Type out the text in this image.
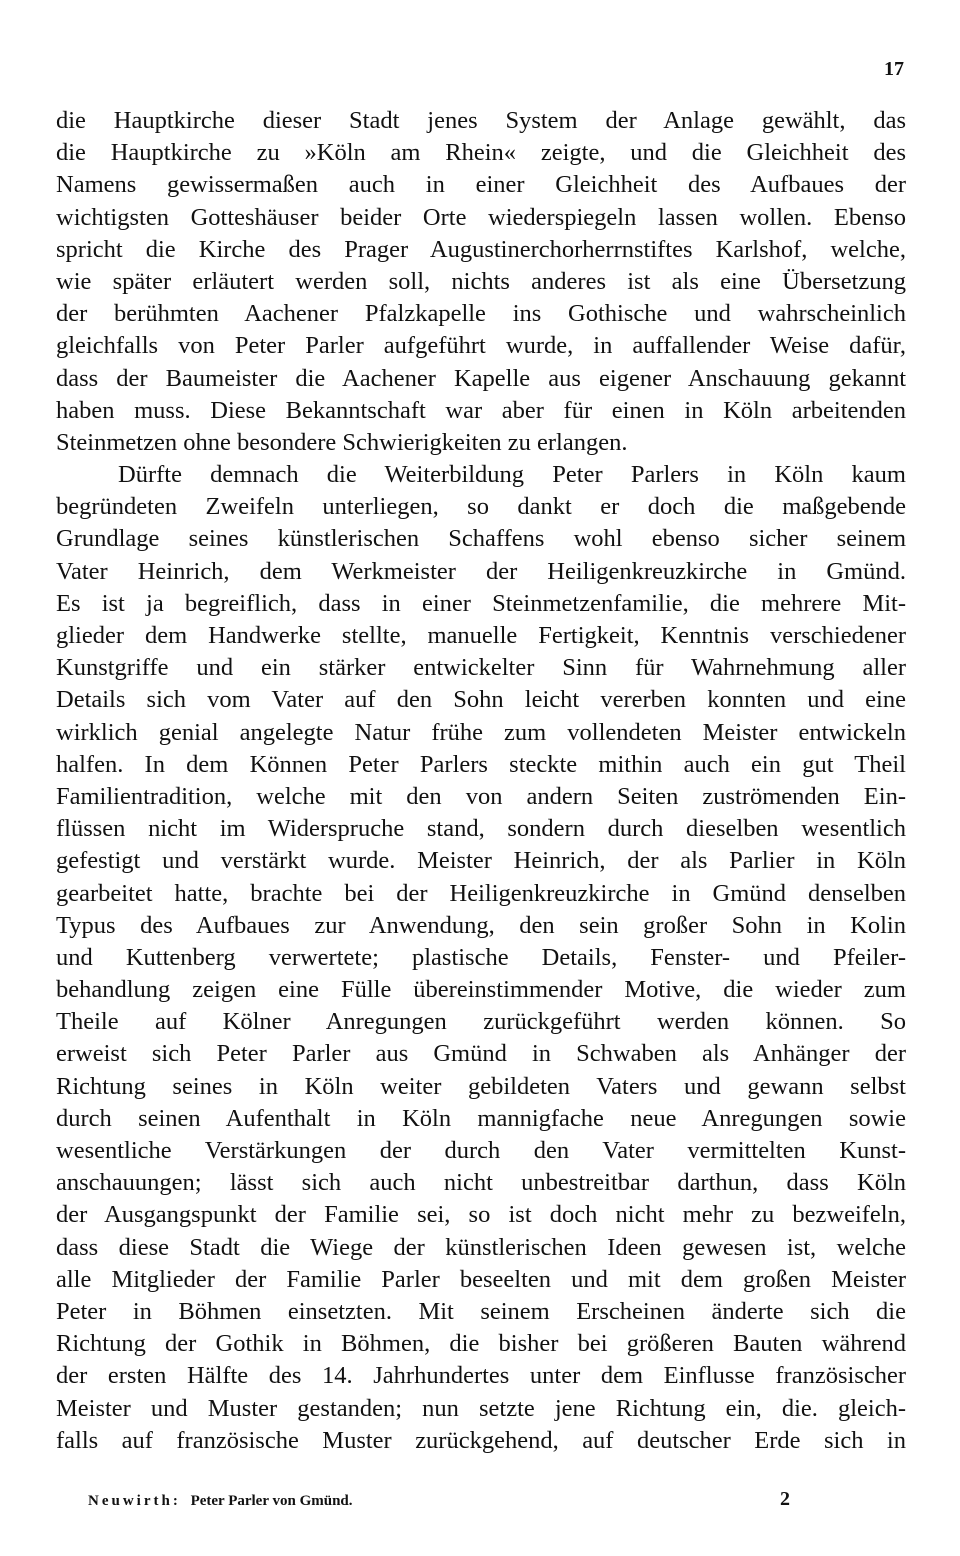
17
die Hauptkirche dieser Stadt jenes System der Anlage gewählt, das
die Hauptkirche zu »Köln am Rhein« zeigte, und die Gleichheit des
Namens gewissermaßen auch in einer Gleichheit des Aufbaues der
wichtigsten Gotteshäuser beider Orte wiederspiegeln lassen wollen. Ebenso
spricht die Kirche des Prager Augustinerchorherrnstiftes Karlshof, welche,
wie später erläutert werden soll, nichts anderes ist als eine Übersetzung
der berühmten Aachener Pfalzkapelle ins Gothische und wahrscheinlich
gleichfalls von Peter Parler aufgeführt wurde, in auffallender Weise dafür,
dass der Baumeister die Aachener Kapelle aus eigener Anschauung gekannt
haben muss. Diese Bekanntschaft war aber für einen in Köln arbeitenden
Steinmetzen ohne besondere Schwierigkeiten zu erlangen.
Dürfte demnach die Weiterbildung Peter Parlers in Köln kaum
begründeten Zweifeln unterliegen, so dankt er doch die maßgebende
Grundlage seines künstlerischen Schaffens wohl ebenso sicher seinem
Vater Heinrich, dem Werkmeister der Heiligenkreuzkirche in Gmünd.
Es ist ja begreiflich, dass in einer Steinmetzenfamilie, die mehrere Mit-
glieder dem Handwerke stellte, manuelle Fertigkeit, Kenntnis verschiedener
Kunstgriffe und ein stärker entwickelter Sinn für Wahrnehmung aller
Details sich vom Vater auf den Sohn leicht vererben konnten und eine
wirklich genial angelegte Natur frühe zum vollendeten Meister entwickeln
halfen. In dem Können Peter Parlers steckte mithin auch ein gut Theil
Familientradition, welche mit den von andern Seiten zuströmenden Ein-
flüssen nicht im Widerspruche stand, sondern durch dieselben wesentlich
gefestigt und verstärkt wurde. Meister Heinrich, der als Parlier in Köln
gearbeitet hatte, brachte bei der Heiligenkreuzkirche in Gmünd denselben
Typus des Aufbaues zur Anwendung, den sein großer Sohn in Kolin
und Kuttenberg verwertete; plastische Details, Fenster- und Pfeiler-
behandlung zeigen eine Fülle übereinstimmender Motive, die wieder zum
Theile auf Kölner Anregungen zurückgeführt werden können. So
erweist sich Peter Parler aus Gmünd in Schwaben als Anhänger der
Richtung seines in Köln weiter gebildeten Vaters und gewann selbst
durch seinen Aufenthalt in Köln mannigfache neue Anregungen sowie
wesentliche Verstärkungen der durch den Vater vermittelten Kunst-
anschauungen; lässt sich auch nicht unbestreitbar darthun, dass Köln
der Ausgangspunkt der Familie sei, so ist doch nicht mehr zu bezweifeln,
dass diese Stadt die Wiege der künstlerischen Ideen gewesen ist, welche
alle Mitglieder der Familie Parler beseelten und mit dem großen Meister
Peter in Böhmen einsetzten. Mit seinem Erscheinen änderte sich die
Richtung der Gothik in Böhmen, die bisher bei größeren Bauten während
der ersten Hälfte des 14. Jahrhundertes unter dem Einflusse französischer
Meister und Muster gestanden; nun setzte jene Richtung ein, die. gleich-
falls auf französische Muster zurückgehend, auf deutscher Erde sich in
Neuwirth: Peter Parler von Gmünd.	2
